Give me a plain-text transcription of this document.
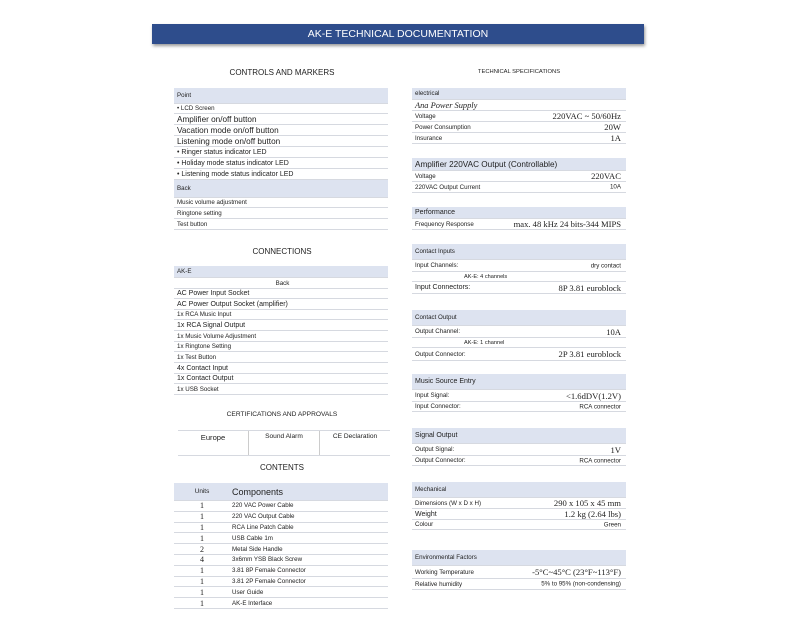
AK-E TECHNICAL DOCUMENTATION
CONTROLS AND MARKERS
Point
• LCD Screen
Amplifier on/off button
Vacation mode on/off button
Listening mode on/off button
• Ringer status indicator LED
• Holiday mode status indicator LED
• Listening mode status indicator LED
Back
Music volume adjustment
Ringtone setting
Test button
CONNECTIONS
AK-E
Back
AC Power Input Socket
AC Power Output Socket (amplifier)
1x RCA Music Input
1x RCA Signal Output
1x Music Volume Adjustment
1x Ringtone Setting
1x Test Button
4x Contact Input
1x Contact Output
1x USB Socket
CERTIFICATIONS AND APPROVALS
Europe	Sound Alarm	CE Declaration
CONTENTS
Units	Components
1	220 VAC Power Cable
1	220 VAC Output Cable
1	RCA Line Patch Cable
1	USB Cable 1m
2	Metal Side Handle
4	3x6mm YSB Black Screw
1	3.81 8P Female Connector
1	3.81 2P Female Connector
1	User Guide
1	AK-E Interface
TECHNICAL SPECIFICATIONS
electrical
Ana Power Supply
Voltage	220VAC ~ 50/60Hz
Power Consumption	20W
Insurance	1A
Amplifier 220VAC Output (Controllable)
Voltage	220VAC
220VAC Output Current	10A
Performance
Frequency Response	max. 48 kHz 24 bits-344 MIPS
Contact Inputs
Input Channels:	dry contact
AK-E: 4 channels
Input Connectors:	8P 3.81 euroblock
Contact Output
Output Channel:	10A
AK-E: 1 channel
Output Connector:	2P 3.81 euroblock
Music Source Entry
Input Signal:	<1.6dDV(1.2V)
Input Connector:	RCA connector
Signal Output
Output Signal:	1V
Output Connector:	RCA connector
Mechanical
Dimensions (W x D x H)	290 x 105 x 45 mm
Weight	1.2 kg (2.64 lbs)
Colour	Green
Environmental Factors
Working Temperature	-5°C~45°C (23°F~113°F)
Relative humidity	5% to 95% (non-condensing)
